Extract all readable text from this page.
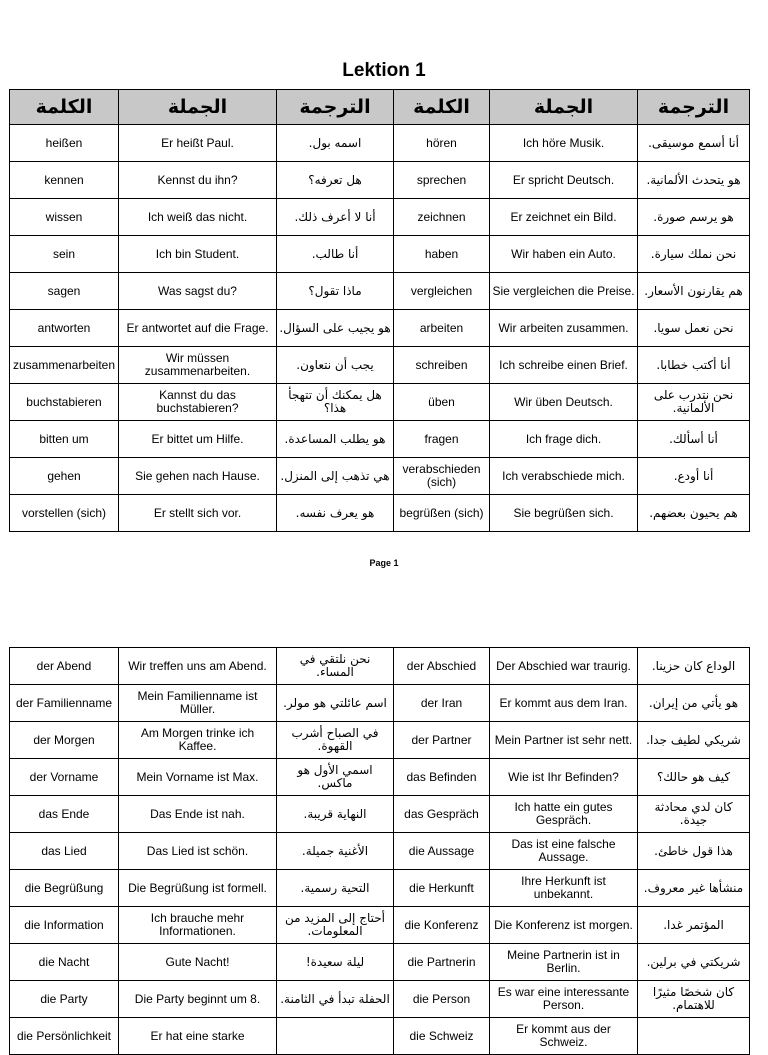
Lektion 1
الكلمة	الجملة	الترجمة	الكلمة	الجملة	الترجمة
heißen	Er heißt Paul.	اسمه بول.	hören	Ich höre Musik.	أنا أسمع موسيقى.
kennen	Kennst du ihn?	هل تعرفه؟	sprechen	Er spricht Deutsch.	هو يتحدث الألمانية.
wissen	Ich weiß das nicht.	أنا لا أعرف ذلك.	zeichnen	Er zeichnet ein Bild.	هو يرسم صورة.
sein	Ich bin Student.	أنا طالب.	haben	Wir haben ein Auto.	نحن نملك سيارة.
sagen	Was sagst du?	ماذا تقول؟	vergleichen	Sie vergleichen die Preise.	هم يقارنون الأسعار.
antworten	Er antwortet auf die Frage.	هو يجيب على السؤال.	arbeiten	Wir arbeiten zusammen.	نحن نعمل سويا.
zusammenarbeiten	Wir müssen zusammenarbeiten.	يجب أن نتعاون.	schreiben	Ich schreibe einen Brief.	أنا أكتب خطابا.
buchstabieren	Kannst du das buchstabieren?	هل يمكنك أن تتهجأ هذا؟	üben	Wir üben Deutsch.	نحن نتدرب على الألمانية.
bitten um	Er bittet um Hilfe.	هو يطلب المساعدة.	fragen	Ich frage dich.	أنا أسألك.
gehen	Sie gehen nach Hause.	هي تذهب إلى المنزل.	verabschieden (sich)	Ich verabschiede mich.	أنا أودع.
vorstellen (sich)	Er stellt sich vor.	هو يعرف نفسه.	begrüßen (sich)	Sie begrüßen sich.	هم يحيون بعضهم.
Page 1
der Abend	Wir treffen uns am Abend.	نحن نلتقي في المساء.	der Abschied	Der Abschied war traurig.	الوداع كان حزينا.
der Familienname	Mein Familienname ist Müller.	اسم عائلتي هو مولر.	der Iran	Er kommt aus dem Iran.	هو يأتي من إيران.
der Morgen	Am Morgen trinke ich Kaffee.	في الصباح أشرب القهوة.	der Partner	Mein Partner ist sehr nett.	شريكي لطيف جدا.
der Vorname	Mein Vorname ist Max.	اسمي الأول هو ماكس.	das Befinden	Wie ist Ihr Befinden?	كيف هو حالك؟
das Ende	Das Ende ist nah.	النهاية قريبة.	das Gespräch	Ich hatte ein gutes Gespräch.	كان لدي محادثة جيدة.
das Lied	Das Lied ist schön.	الأغنية جميلة.	die Aussage	Das ist eine falsche Aussage.	هذا قول خاطئ.
die Begrüßung	Die Begrüßung ist formell.	التحية رسمية.	die Herkunft	Ihre Herkunft ist unbekannt.	منشأها غير معروف.
die Information	Ich brauche mehr Informationen.	أحتاج إلى المزيد من المعلومات.	die Konferenz	Die Konferenz ist morgen.	المؤتمر غدا.
die Nacht	Gute Nacht!	ليلة سعيدة!	die Partnerin	Meine Partnerin ist in Berlin.	شريكتي في برلين.
die Party	Die Party beginnt um 8.	الحفلة تبدأ في الثامنة.	die Person	Es war eine interessante Person.	كان شخصًا مثيرًا للاهتمام.
die Persönlichkeit	Er hat eine starke		die Schweiz	Er kommt aus der Schweiz.	
